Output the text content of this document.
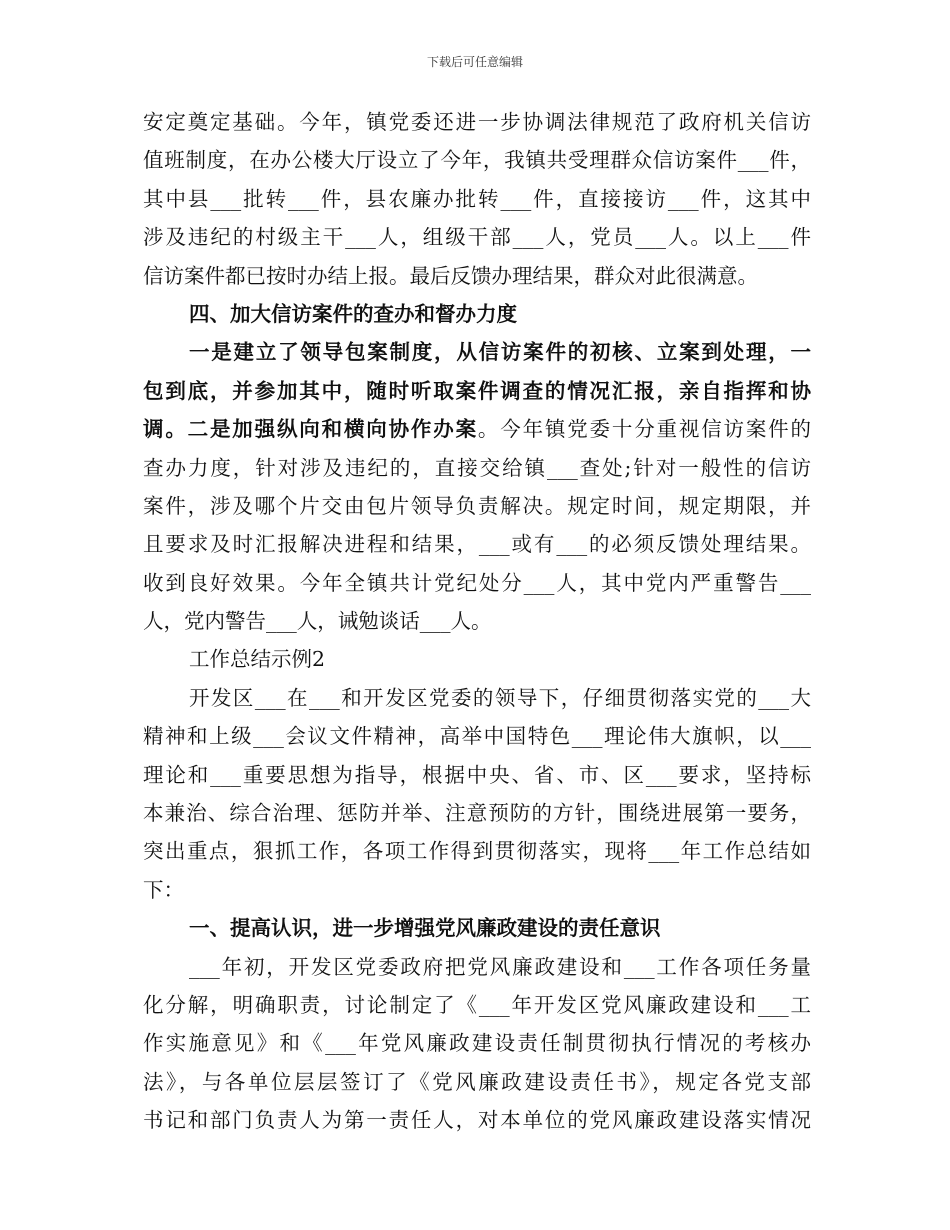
下载后可任意编辑
安定奠定基础。今年，镇党委还进一步协调法律规范了政府机关信访
值班制度，在办公楼大厅设立了今年，我镇共受理群众信访案件___件，
其中县___批转___件，县农廉办批转___件，直接接访___件，这其中
涉及违纪的村级主干___人，组级干部___人，党员___人。以上___件
信访案件都已按时办结上报。最后反馈办理结果，群众对此很满意。
四、加大信访案件的查办和督办力度
一是建立了领导包案制度，从信访案件的初核、立案到处理，一
包到底，并参加其中，随时听取案件调查的情况汇报，亲自指挥和协
调。二是加强纵向和横向协作办案。今年镇党委十分重视信访案件的
查办力度，针对涉及违纪的，直接交给镇___查处;针对一般性的信访
案件，涉及哪个片交由包片领导负责解决。规定时间，规定期限，并
且要求及时汇报解决进程和结果，___或有___的必须反馈处理结果。
收到良好效果。今年全镇共计党纪处分___人，其中党内严重警告___
人，党内警告___人，诫勉谈话___人。
工作总结示例2
开发区___在___和开发区党委的领导下，仔细贯彻落实党的___大
精神和上级___会议文件精神，高举中国特色___理论伟大旗帜，以___
理论和___重要思想为指导，根据中央、省、市、区___要求，坚持标
本兼治、综合治理、惩防并举、注意预防的方针，围绕进展第一要务，
突出重点，狠抓工作，各项工作得到贯彻落实，现将___年工作总结如
下：
一、提高认识，进一步增强党风廉政建设的责任意识
___年初，开发区党委政府把党风廉政建设和___工作各项任务量
化分解，明确职责，讨论制定了《___年开发区党风廉政建设和___工
作实施意见》和《___年党风廉政建设责任制贯彻执行情况的考核办
法》，与各单位层层签订了《党风廉政建设责任书》，规定各党支部
书记和部门负责人为第一责任人，对本单位的党风廉政建设落实情况
